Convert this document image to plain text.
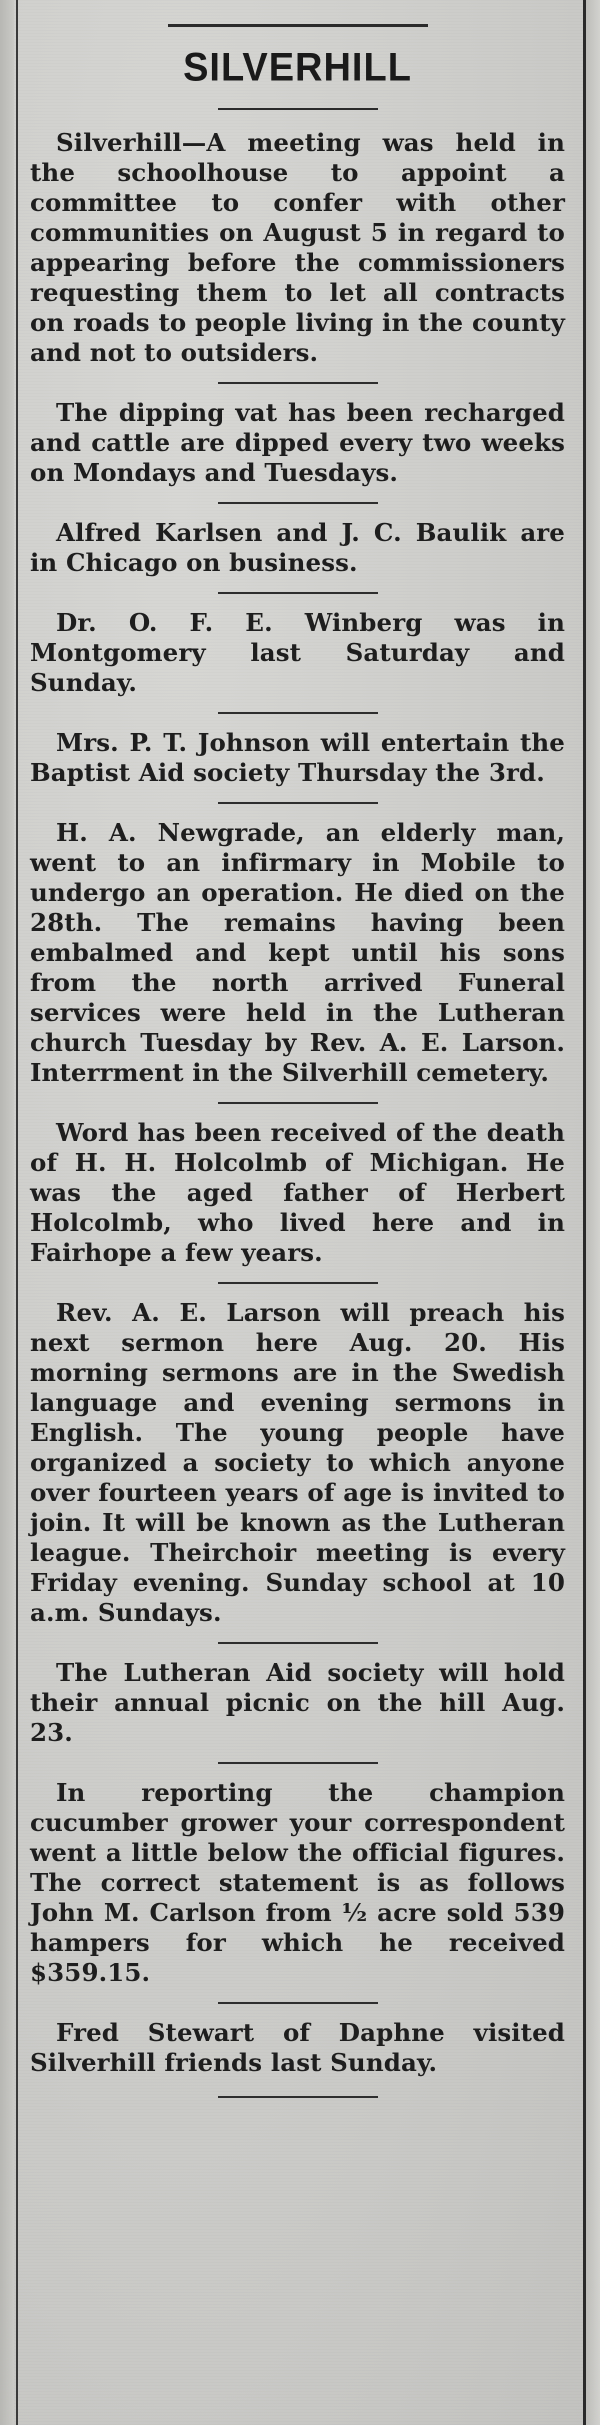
SILVERHILL

Silverhill—A meeting was held in the schoolhouse to appoint a committee to confer with other communities on August 5 in regard to appearing before the commissioners requesting them to let all contracts on roads to people living in the county and not to outsiders.

The dipping vat has been recharged and cattle are dipped every two weeks on Mondays and Tuesdays.

Alfred Karlsen and J. C. Baulik are in Chicago on business.

Dr. O. F. E. Winberg was in Montgomery last Saturday and Sunday.

Mrs. P. T. Johnson will entertain the Baptist Aid society Thursday the 3rd.

H. A. Newgrade, an elderly man, went to an infirmary in Mobile to undergo an operation. He died on the 28th. The remains having been embalmed and kept until his sons from the north arrived Funeral services were held in the Lutheran church Tuesday by Rev. A. E. Larson. Interrment in the Silverhill cemetery.

Word has been received of the death of H. H. Holcolmb of Michigan. He was the aged father of Herbert Holcolmb, who lived here and in Fairhope a few years.

Rev. A. E. Larson will preach his next sermon here Aug. 20. His morning sermons are in the Swedish language and evening sermons in English. The young people have organized a society to which anyone over fourteen years of age is invited to join. It will be known as the Lutheran league. Theirchoir meeting is every Friday evening. Sunday school at 10 a.m. Sundays.

The Lutheran Aid society will hold their annual picnic on the hill Aug. 23.

In reporting the champion cucumber grower your correspondent went a little below the official figures. The correct statement is as follows John M. Carlson from ½ acre sold 539 hampers for which he received $359.15.

Fred Stewart of Daphne visited Silverhill friends last Sunday.
